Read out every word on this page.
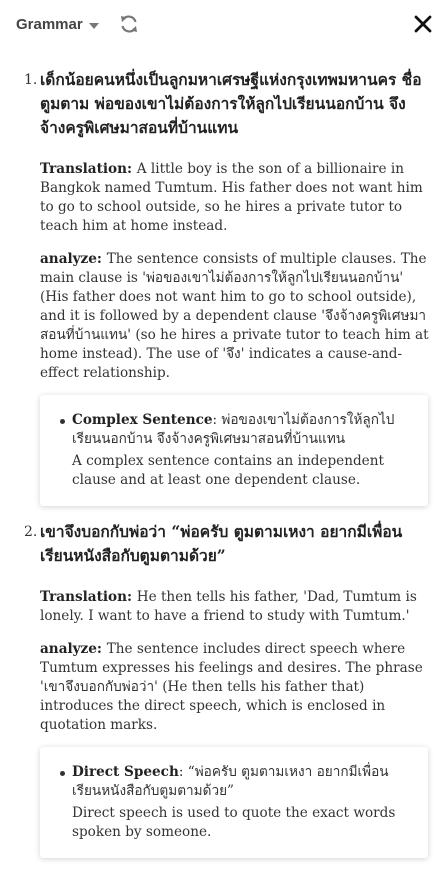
Grammar
1. เด็กน้อยคนหนึ่งเป็นลูกมหาเศรษฐีแห่งกรุงเทพมหานคร ชื่อ ตูมตาม พ่อของเขาไม่ต้องการให้ลูกไปเรียนนอกบ้าน จึงจ้างครูพิเศษมาสอนที่บ้านแทน

Translation: A little boy is the son of a billionaire in Bangkok named Tumtum. His father does not want him to go to school outside, so he hires a private tutor to teach him at home instead.

analyze: The sentence consists of multiple clauses. The main clause is 'พ่อของเขาไม่ต้องการให้ลูกไปเรียนนอกบ้าน' (His father does not want him to go to school outside), and it is followed by a dependent clause 'จึงจ้างครูพิเศษมาสอนที่บ้านแทน' (so he hires a private tutor to teach him at home instead). The use of 'จึง' indicates a cause-and-effect relationship.

Complex Sentence: พ่อของเขาไม่ต้องการให้ลูกไปเรียนนอกบ้าน จึงจ้างครูพิเศษมาสอนที่บ้านแทน
A complex sentence contains an independent clause and at least one dependent clause.
2. เขาจึงบอกกับพ่อว่า “พ่อครับ ตูมตามเหงา อยากมีเพื่อนเรียนหนังสือกับตูมตามด้วย”

Translation: He then tells his father, 'Dad, Tumtum is lonely. I want to have a friend to study with Tumtum.'

analyze: The sentence includes direct speech where Tumtum expresses his feelings and desires. The phrase 'เขาจึงบอกกับพ่อว่า' (He then tells his father that) introduces the direct speech, which is enclosed in quotation marks.

Direct Speech: “พ่อครับ ตูมตามเหงา อยากมีเพื่อนเรียนหนังสือกับตูมตามด้วย”
Direct speech is used to quote the exact words spoken by someone.
